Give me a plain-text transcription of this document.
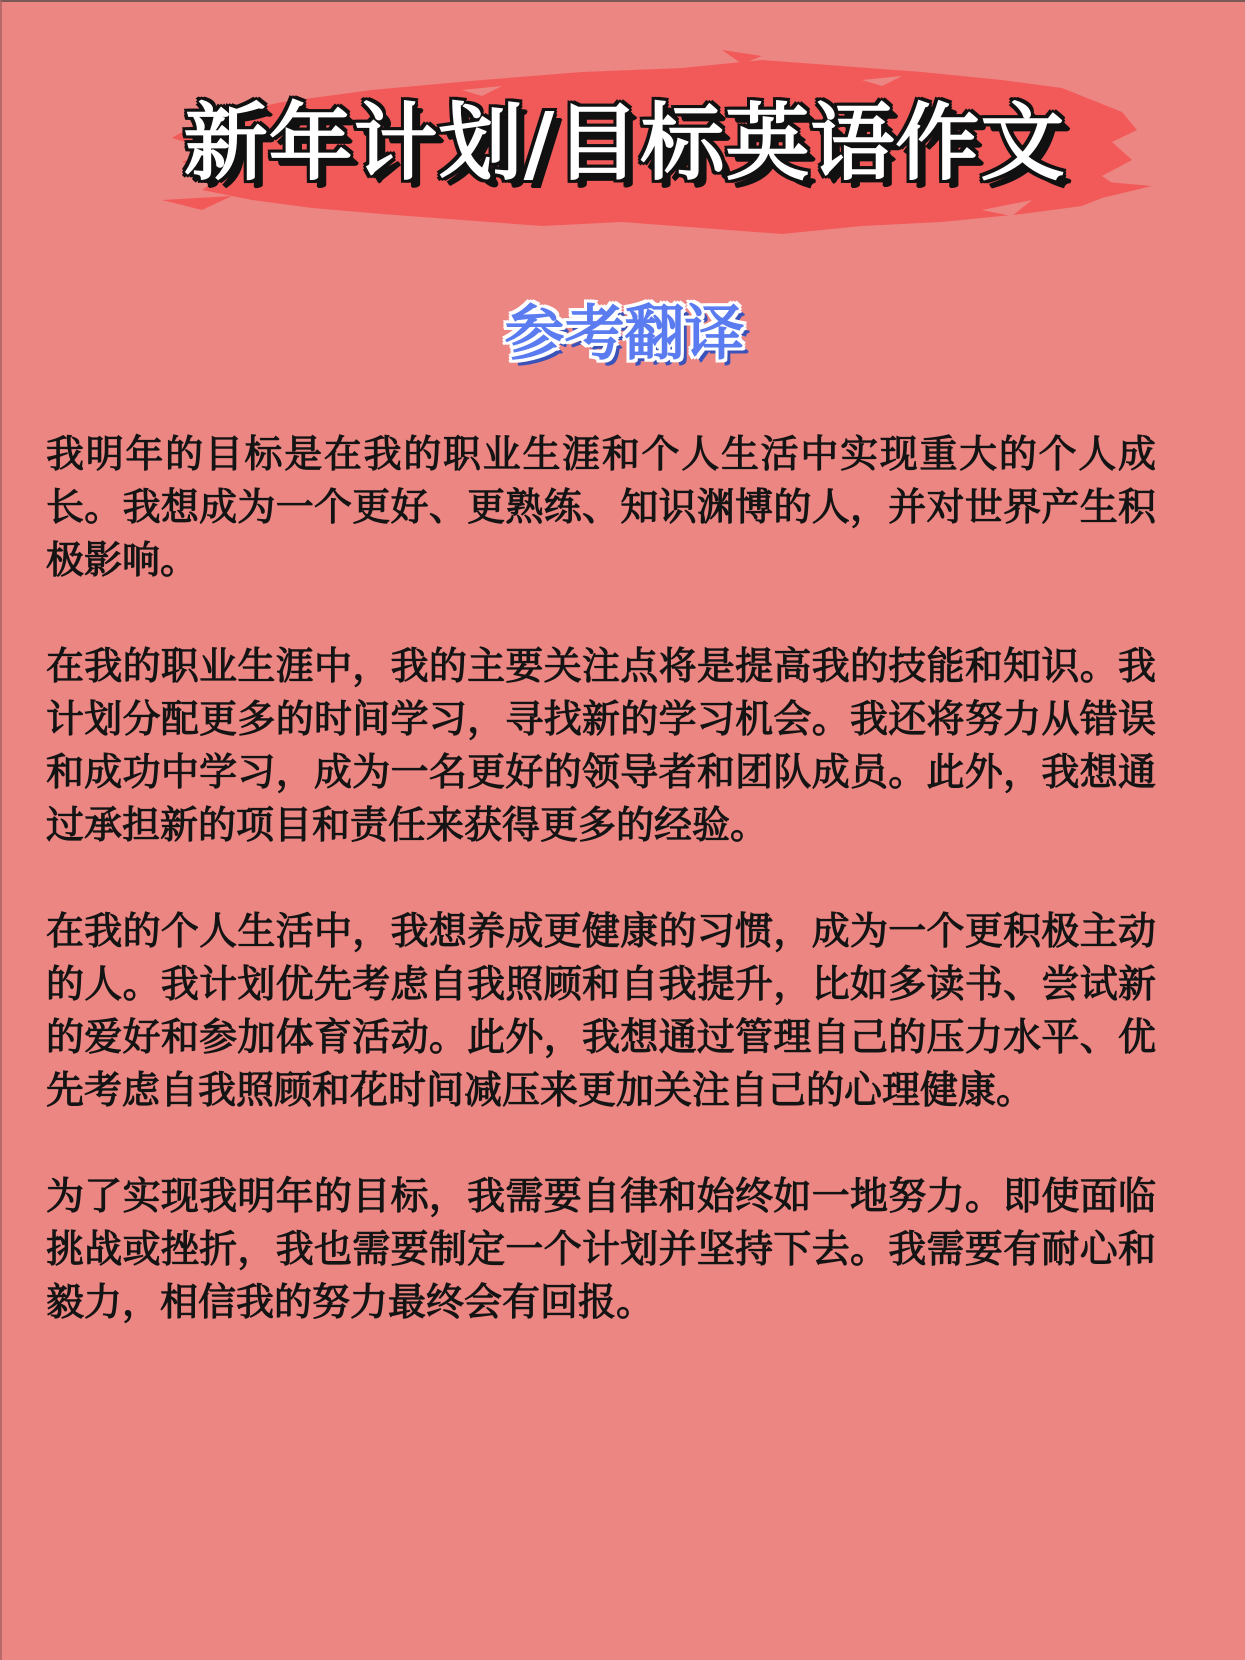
新年计划/目标英语作文
参考翻译

我明年的目标是在我的职业生涯和个人生活中实现重大的个人成长。我想成为一个更好、更熟练、知识渊博的人，并对世界产生积极影响。

在我的职业生涯中，我的主要关注点将是提高我的技能和知识。我计划分配更多的时间学习，寻找新的学习机会。我还将努力从错误和成功中学习，成为一名更好的领导者和团队成员。此外，我想通过承担新的项目和责任来获得更多的经验。

在我的个人生活中，我想养成更健康的习惯，成为一个更积极主动的人。我计划优先考虑自我照顾和自我提升，比如多读书、尝试新的爱好和参加体育活动。此外，我想通过管理自己的压力水平、优先考虑自我照顾和花时间减压来更加关注自己的心理健康。

为了实现我明年的目标，我需要自律和始终如一地努力。即使面临挑战或挫折，我也需要制定一个计划并坚持下去。我需要有耐心和毅力，相信我的努力最终会有回报。
